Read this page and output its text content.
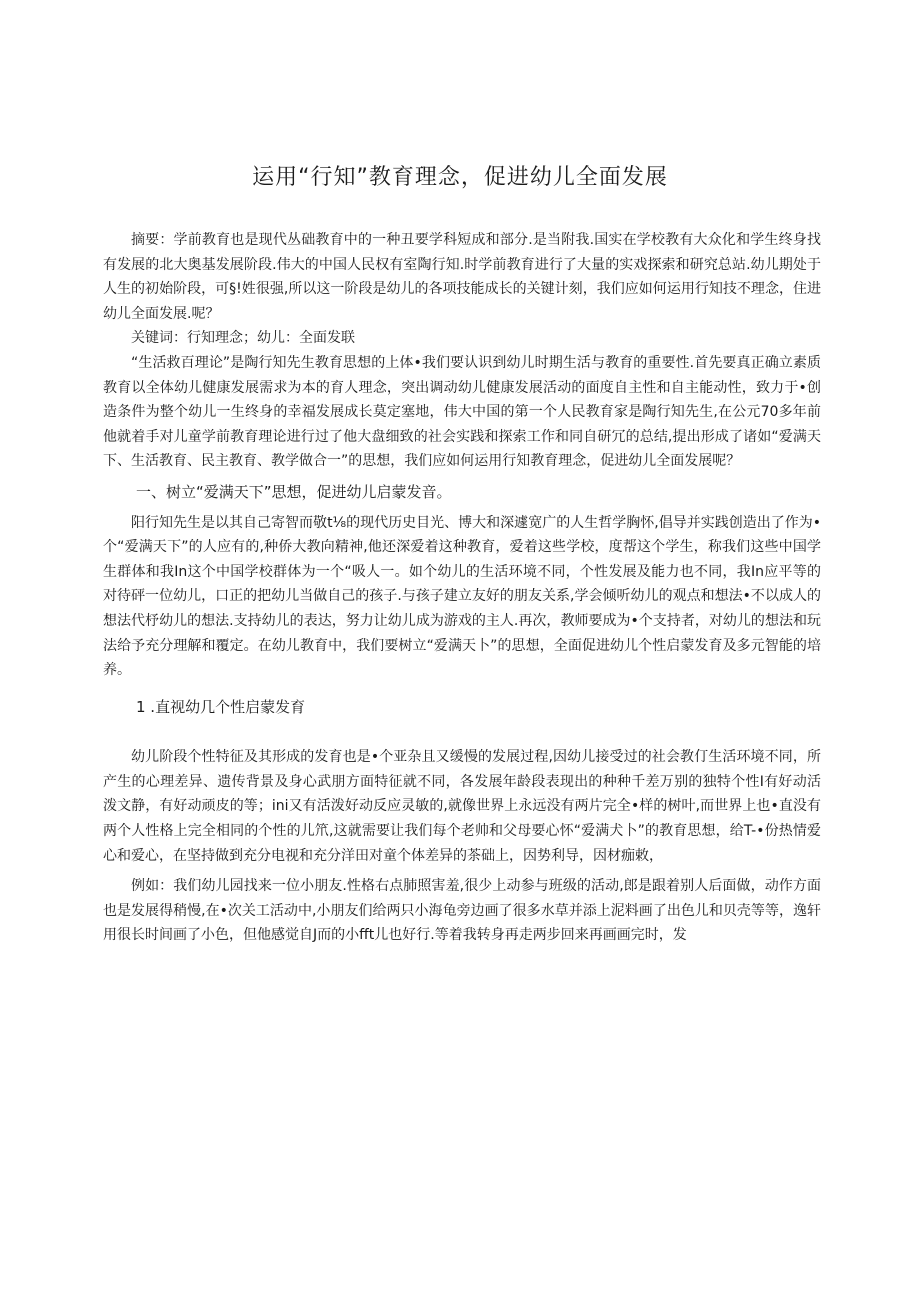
运用“行知”教育理念，促进幼儿全面发展

摘要：学前教育也是现代丛础教育中的一种丑要学科短成和部分.是当附我.国实在学校教有大众化和学生终身找有发展的北大奥基发展阶段.伟大的中国人民权有室陶行知.时学前教育进行了大量的实戏探索和研究总站.幼儿期处于人生的初始阶段，可§!姓很强,所以这一阶段是幼儿的各项技能成长的关键计刻，我们应如何运用行知技不理念，住进幼儿全面发展.呢？

关键词：行知理念；幼儿：全面发联

“生活救百理论”是陶行知先生教育思想的上体•我们要认识到幼儿时期生活与教育的重要性.首先要真正确立素质教育以全体幼儿健康发展需求为本的育人理念，突出调动幼儿健康发展活动的面度自主性和自主能动性，致力于•创造条件为整个幼儿一生终身的幸福发展成长莫定塞地，伟大中国的第一个人民教育家是陶行知先生,在公元70多年前他就着手对儿童学前教育理论进行过了他大盘细致的社会实践和探索工作和同自研冗的总结,提出形成了诸如“爱满天下、生活教育、民主教育、教学做合一”的思想，我们应如何运用行知教育理念，促进幼儿全面发展呢？

一、树立“爱满天下”思想，促进幼儿启蒙发音。

阳行知先生是以其自己寄智而敬t⅛的现代历史目光、博大和深遽宽广的人生哲学胸怀,倡导并实践创造出了作为•个“爱满天下”的人应有的,种侨大教向精神,他还深爱着这种教育，爱着这些学校，度帮这个学生，称我们这些中国学生群体和我In这个中国学校群体为一个“吸人一。如个幼儿的生活环境不同，个性发展及能力也不同，我In应平等的对待砰一位幼儿，口正的把幼儿当做自己的孩子.与孩子建立友好的朋友关系,学会倾听幼儿的观点和想法•不以成人的想法代杼幼儿的想法.支持幼儿的表达，努力让幼儿成为游戏的主人.再次，教师要成为•个支持者，对幼儿的想法和玩法给予充分理解和覆定。在幼儿教育中，我们要树立“爱满天卜”的思想，全面促进幼儿个性启蒙发育及多元智能的培养。

1 .直视幼几个性启蒙发育

幼儿阶段个性特征及其形成的发育也是•个亚杂且又缓慢的发展过程,因幼儿接受过的社会教仃生活环境不同，所产生的心理差异、遗传背景及身心武朋方面特征就不同，各发展年龄段表现出的种种千差万别的独特个性I有好动活泼文静，有好动顽皮的等；ini又有活泼好动反应灵敏的,就像世界上永远没有两片完全•样的树叶,而世界上也•直没有两个人性格上完全相同的个性的儿笊,这就需要让我们每个老帅和父母要心怀“爱满犬卜”的教育思想，给T-•份热情爱心和爱心，在坚持做到充分电视和充分洋田对童个体差异的茶础上，因势利导，因材痂敕，

例如：我们幼儿园找来一位小朋友.性格右点肺照害羞,很少上动参与班级的活动,郎是跟着别人后面做，动作方面也是发展得稍慢,在•次关工活动中,小朋友们给两只小海龟旁边画了很多水草并添上泥料画了出色儿和贝壳等等，逸轩用很长时间画了小色，但他感觉自J而的小fft儿也好行.等着我转身再走两步回来再画画完时，发
